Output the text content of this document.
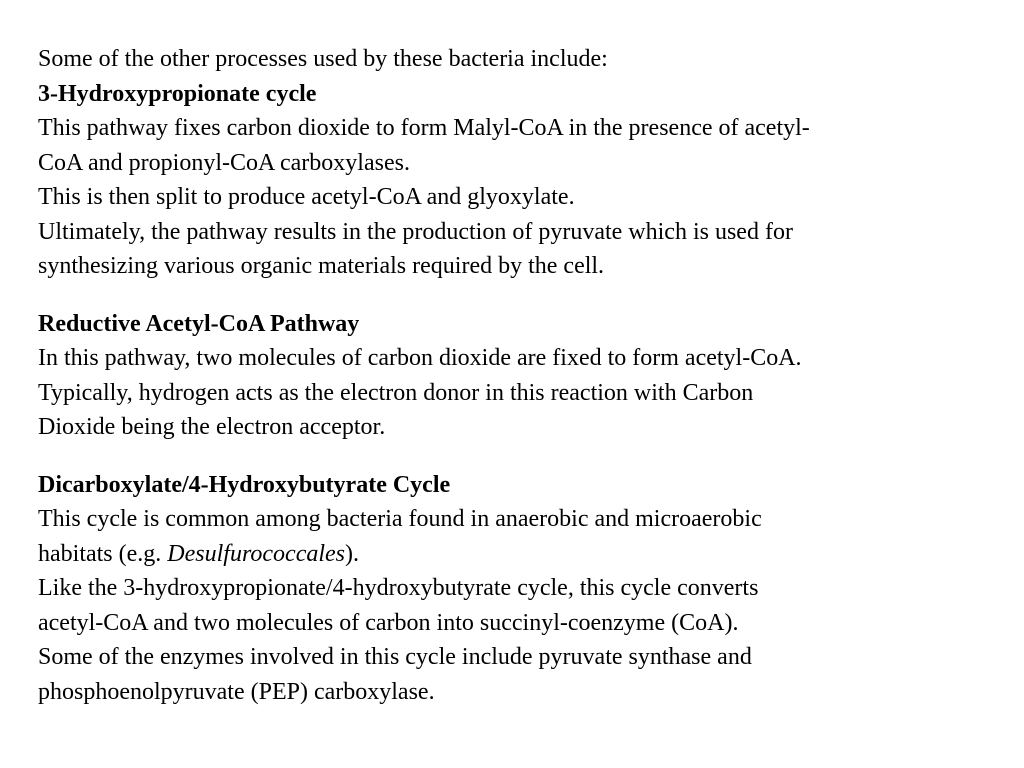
Some of the other processes used by these bacteria include:
3-Hydroxypropionate cycle
This pathway fixes carbon dioxide to form Malyl-CoA in the presence of acetyl-
CoA and propionyl-CoA carboxylases.
This is then split to produce acetyl-CoA and glyoxylate.
Ultimately, the pathway results in the production of pyruvate which is used for
synthesizing various organic materials required by the cell.
Reductive Acetyl-CoA Pathway
In this pathway, two molecules of carbon dioxide are fixed to form acetyl-CoA.
Typically, hydrogen acts as the electron donor in this reaction with Carbon
Dioxide being the electron acceptor.
Dicarboxylate/4-Hydroxybutyrate Cycle
This cycle is common among bacteria found in anaerobic and microaerobic
habitats (e.g. Desulfurococcales).
Like the 3-hydroxypropionate/4-hydroxybutyrate cycle, this cycle converts
acetyl-CoA and two molecules of carbon into succinyl-coenzyme (CoA).
Some of the enzymes involved in this cycle include pyruvate synthase and
phosphoenolpyruvate (PEP) carboxylase.
